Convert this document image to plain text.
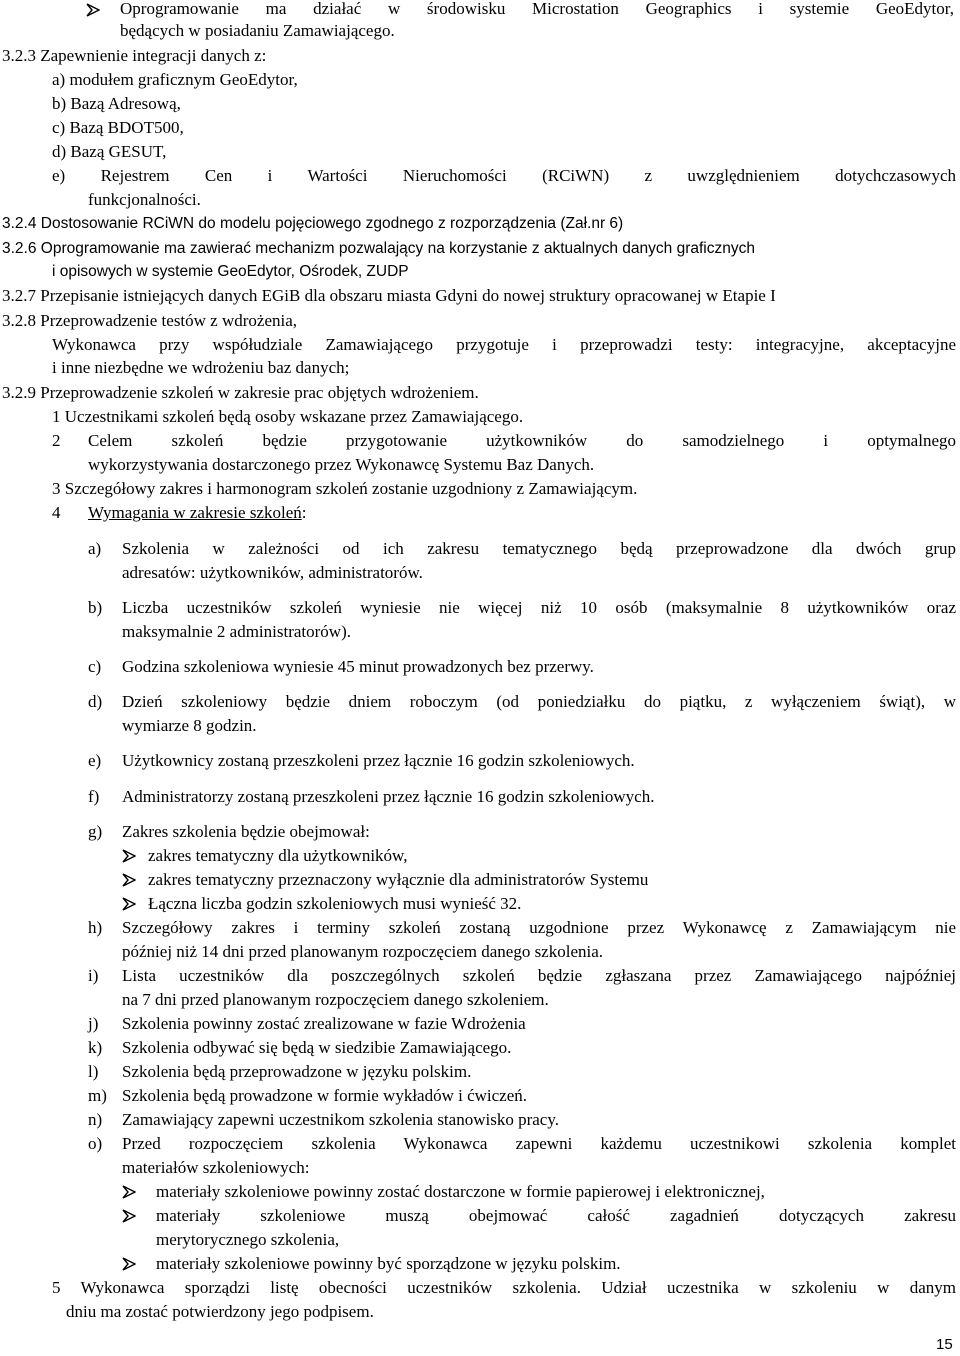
Oprogramowanie ma działać w środowisku Microstation Geographics i systemie GeoEdytor,
będących w posiadaniu Zamawiającego.
3.2.3 Zapewnienie integracji danych z:
a) modułem graficznym GeoEdytor,
b) Bazą Adresową,
c) Bazą BDOT500,
d) Bazą GESUT,
e) Rejestrem Cen i Wartości Nieruchomości (RCiWN) z uwzględnieniem dotychczasowych
funkcjonalności.
3.2.4 Dostosowanie RCiWN do modelu pojęciowego zgodnego z rozporządzenia (Zał.nr 6)
3.2.6 Oprogramowanie ma zawierać mechanizm pozwalający na korzystanie z aktualnych danych graficznych
i opisowych w systemie GeoEdytor, Ośrodek, ZUDP
3.2.7 Przepisanie istniejących danych EGiB dla obszaru miasta Gdyni do nowej struktury opracowanej w Etapie I
3.2.8 Przeprowadzenie testów z wdrożenia,
Wykonawca przy współudziale Zamawiającego przygotuje i przeprowadzi testy: integracyjne, akceptacyjne
i inne niezbędne we wdrożeniu baz danych;
3.2.9 Przeprowadzenie szkoleń w zakresie prac objętych wdrożeniem.
1 Uczestnikami szkoleń będą osoby wskazane przez Zamawiającego.
2 Celem szkoleń będzie przygotowanie użytkowników do samodzielnego i optymalnego
wykorzystywania dostarczonego przez Wykonawcę Systemu Baz Danych.
3 Szczegółowy zakres i harmonogram szkoleń zostanie uzgodniony z Zamawiającym.
4 Wymagania w zakresie szkoleń:
a) Szkolenia w zależności od ich zakresu tematycznego będą przeprowadzone dla dwóch grup
adresatów: użytkowników, administratorów.
b) Liczba uczestników szkoleń wyniesie nie więcej niż 10 osób (maksymalnie 8 użytkowników oraz
maksymalnie 2 administratorów).
c) Godzina szkoleniowa wyniesie 45 minut prowadzonych bez przerwy.
d) Dzień szkoleniowy będzie dniem roboczym (od poniedziałku do piątku, z wyłączeniem świąt), w
wymiarze 8 godzin.
e) Użytkownicy zostaną przeszkoleni przez łącznie 16 godzin szkoleniowych.
f) Administratorzy zostaną przeszkoleni przez łącznie 16 godzin szkoleniowych.
g) Zakres szkolenia będzie obejmował:
zakres tematyczny dla użytkowników,
zakres tematyczny przeznaczony wyłącznie dla administratorów Systemu
Łączna liczba godzin szkoleniowych musi wynieść 32.
h) Szczegółowy zakres i terminy szkoleń zostaną uzgodnione przez Wykonawcę z Zamawiającym nie
później niż 14 dni przed planowanym rozpoczęciem danego szkolenia.
i) Lista uczestników dla poszczególnych szkoleń będzie zgłaszana przez Zamawiającego najpóźniej
na 7 dni przed planowanym rozpoczęciem danego szkoleniem.
j) Szkolenia powinny zostać zrealizowane w fazie Wdrożenia
k) Szkolenia odbywać się będą w siedzibie Zamawiającego.
l) Szkolenia będą przeprowadzone w języku polskim.
m) Szkolenia będą prowadzone w formie wykładów i ćwiczeń.
n) Zamawiający zapewni uczestnikom szkolenia stanowisko pracy.
o) Przed rozpoczęciem szkolenia Wykonawca zapewni każdemu uczestnikowi szkolenia komplet
materiałów szkoleniowych:
materiały szkoleniowe powinny zostać dostarczone w formie papierowej i elektronicznej,
materiały szkoleniowe muszą obejmować całość zagadnień dotyczących zakresu
merytorycznego szkolenia,
materiały szkoleniowe powinny być sporządzone w języku polskim.
5 Wykonawca sporządzi listę obecności uczestników szkolenia. Udział uczestnika w szkoleniu w danym
dniu ma zostać potwierdzony jego podpisem.
15
